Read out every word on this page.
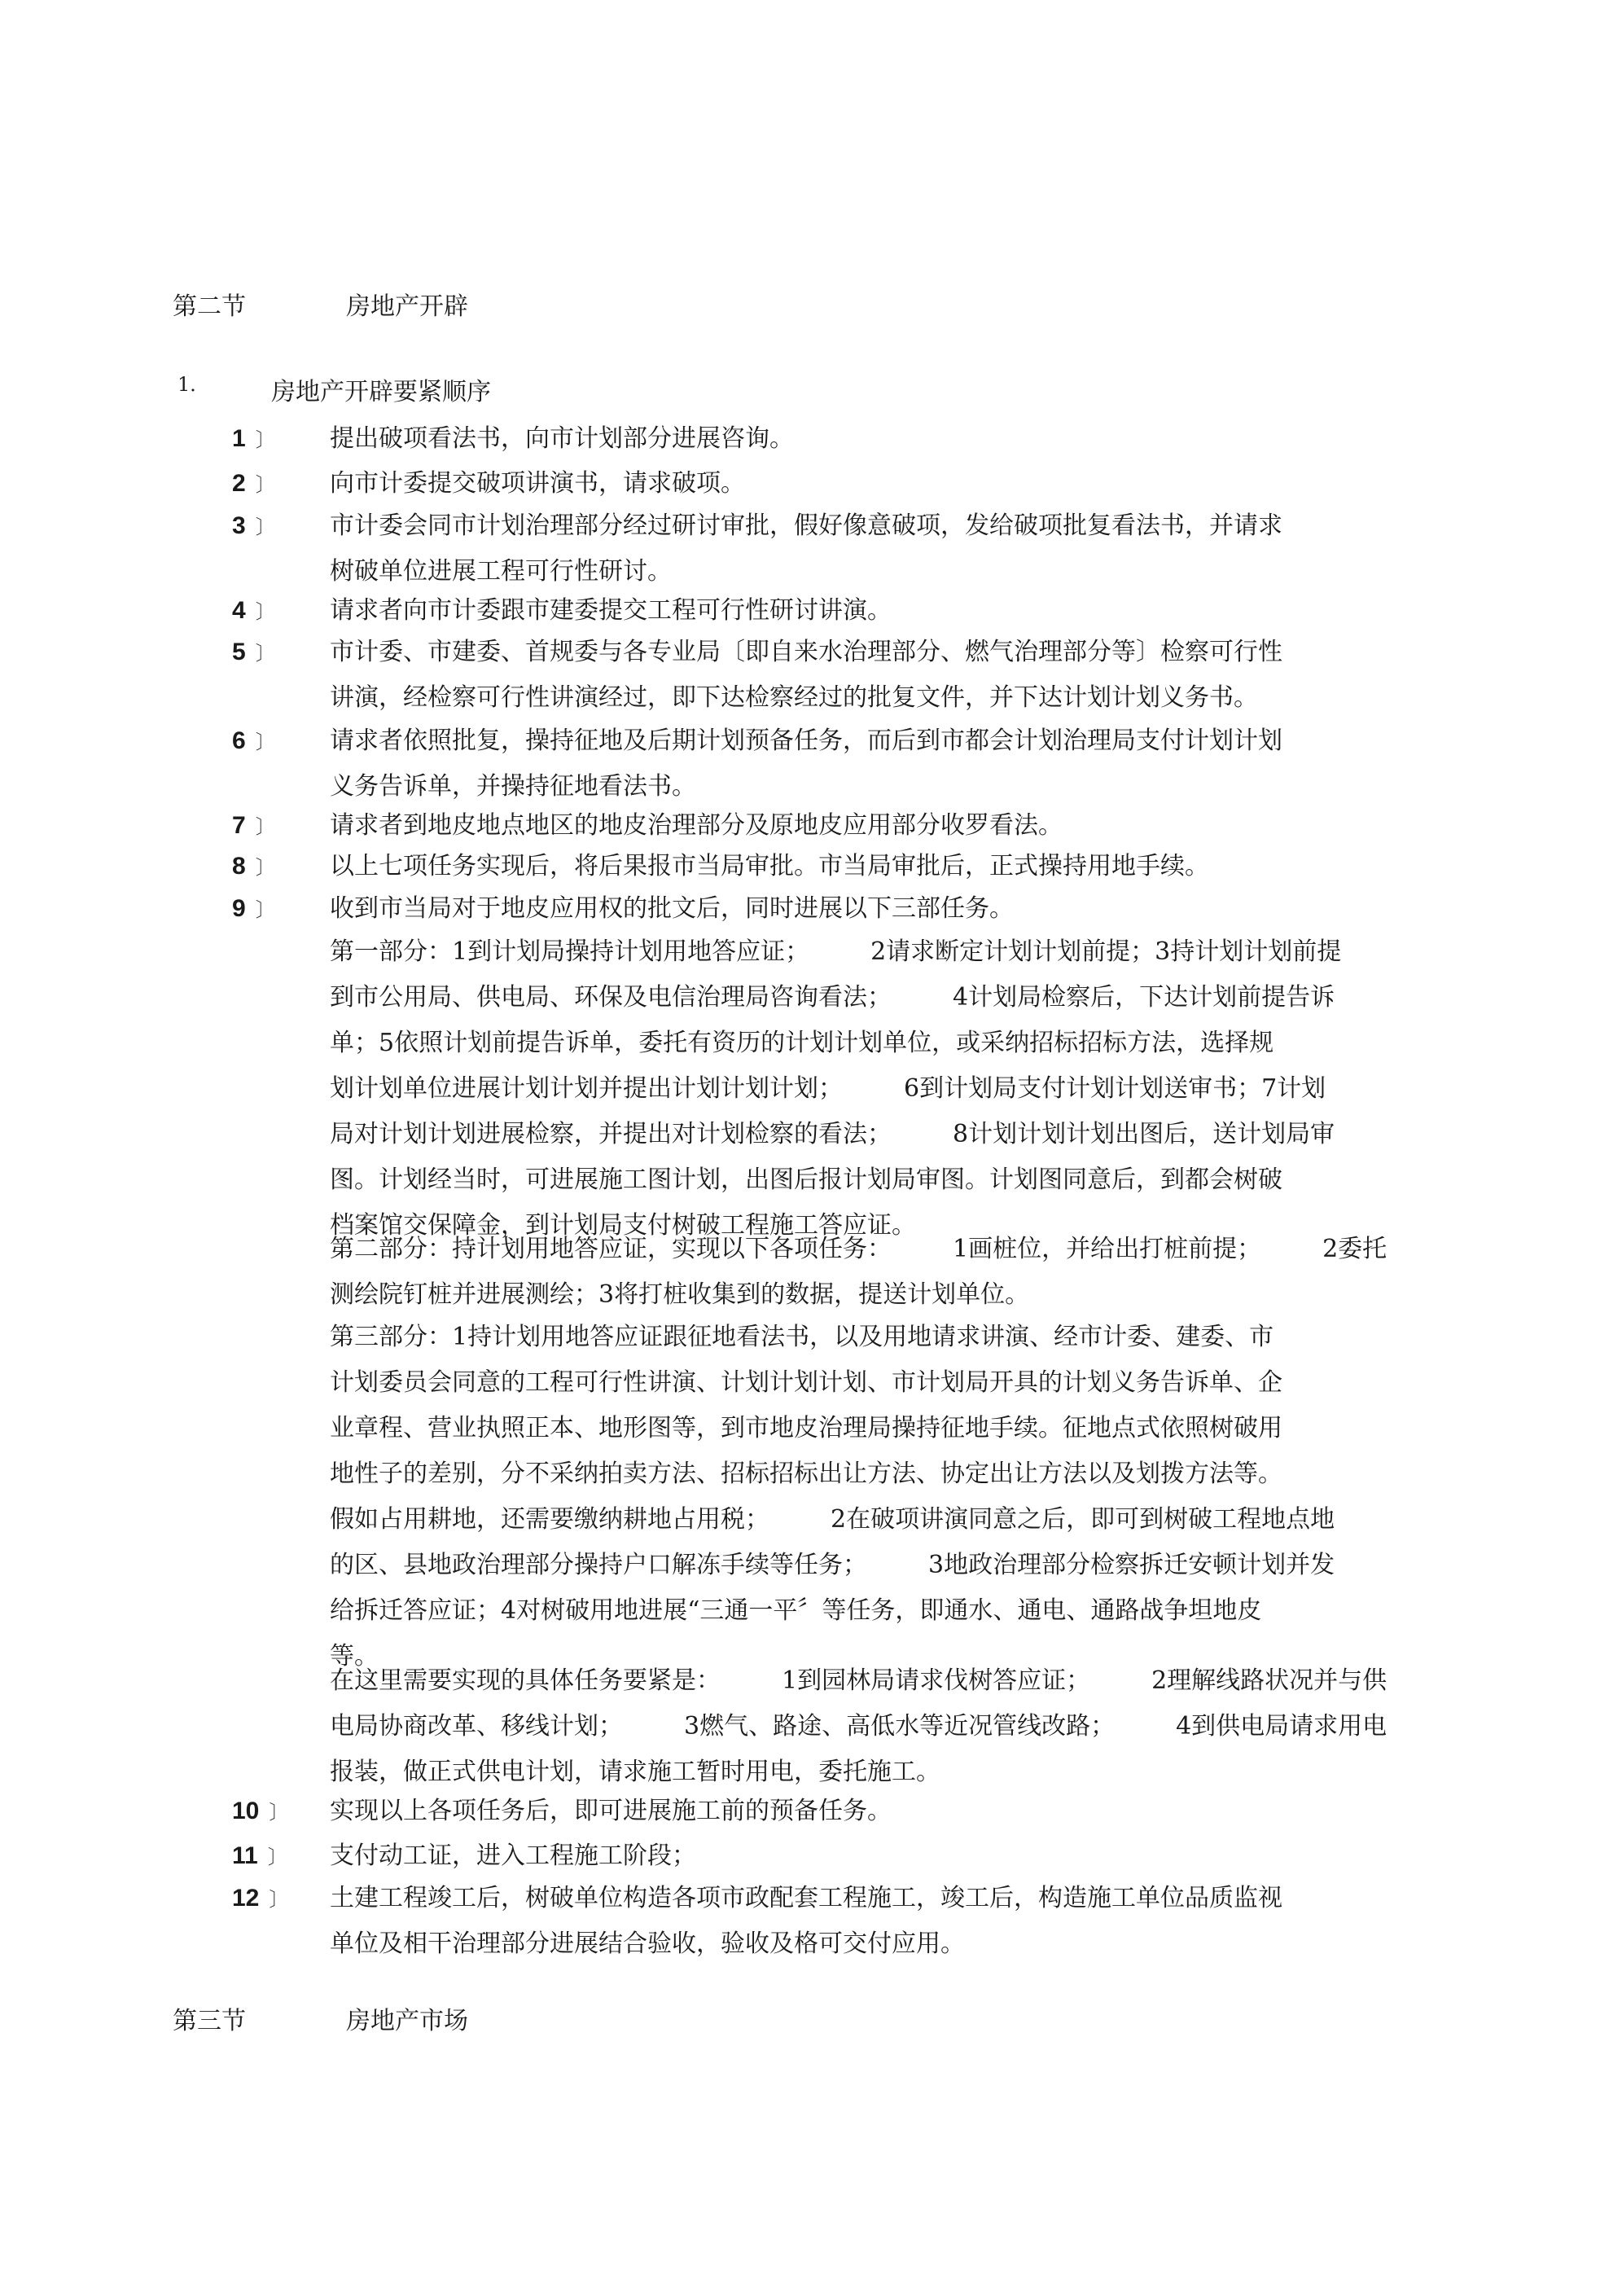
第二节	房地产开辟
1．	房地产开辟要紧顺序
1 〕 提出破项看法书，向市计划部分进展咨询。
2 〕 向市计委提交破项讲演书，请求破项。
3 〕 市计委会同市计划治理部分经过研讨审批，假好像意破项，发给破项批复看法书，并请求
树破单位进展工程可行性研讨。
4 〕 请求者向市计委跟市建委提交工程可行性研讨讲演。
5 〕 市计委、市建委、首规委与各专业局〔即自来水治理部分、燃气治理部分等〕检察可行性
讲演，经检察可行性讲演经过，即下达检察经过的批复文件，并下达计划计划义务书。
6 〕 请求者依照批复，操持征地及后期计划预备任务，而后到市都会计划治理局支付计划计划
义务告诉单，并操持征地看法书。
7 〕 请求者到地皮地点地区的地皮治理部分及原地皮应用部分收罗看法。
8 〕 以上七项任务实现后，将后果报市当局审批。市当局审批后，正式操持用地手续。
9 〕 收到市当局对于地皮应用权的批文后，同时进展以下三部任务。
第一部分：1到计划局操持计划用地答应证；　　　2请求断定计划计划前提；3持计划计划前提
到市公用局、供电局、环保及电信治理局咨询看法；　　　4计划局检察后，下达计划前提告诉
单；5依照计划前提告诉单，委托有资历的计划计划单位，或采纳招标招标方法，选择规
划计划单位进展计划计划并提出计划计划计划；　　　6到计划局支付计划计划送审书；7计划
局对计划计划进展检察，并提出对计划检察的看法；　　　8计划计划计划出图后，送计划局审
图。计划经当时，可进展施工图计划，出图后报计划局审图。计划图同意后，到都会树破
档案馆交保障金，到计划局支付树破工程施工答应证。
第二部分：持计划用地答应证，实现以下各项任务：　　　1画桩位，并给出打桩前提；　　　2委托
测绘院钉桩并进展测绘；3将打桩收集到的数据，提送计划单位。
第三部分：1持计划用地答应证跟征地看法书，以及用地请求讲演、经市计委、建委、市
计划委员会同意的工程可行性讲演、计划计划计划、市计划局开具的计划义务告诉单、企
业章程、营业执照正本、地形图等，到市地皮治理局操持征地手续。征地点式依照树破用
地性子的差别，分不采纳拍卖方法、招标招标出让方法、协定出让方法以及划拨方法等。
假如占用耕地，还需要缴纳耕地占用税；　　　2在破项讲演同意之后，即可到树破工程地点地
的区、县地政治理部分操持户口解冻手续等任务；　　　3地政治理部分检察拆迁安顿计划并发
给拆迁答应证；4对树破用地进展“三通一平〞等任务，即通水、通电、通路战争坦地皮
等。
在这里需要实现的具体任务要紧是：　　　1到园林局请求伐树答应证；　　　2理解线路状况并与供
电局协商改革、移线计划；　　　3燃气、路途、高低水等近况管线改路；　　　4到供电局请求用电
报装，做正式供电计划，请求施工暂时用电，委托施工。
10 〕 实现以上各项任务后，即可进展施工前的预备任务。
11 〕 支付动工证，进入工程施工阶段；
12 〕 土建工程竣工后，树破单位构造各项市政配套工程施工，竣工后，构造施工单位品质监视
单位及相干治理部分进展结合验收，验收及格可交付应用。
第三节	房地产市场
